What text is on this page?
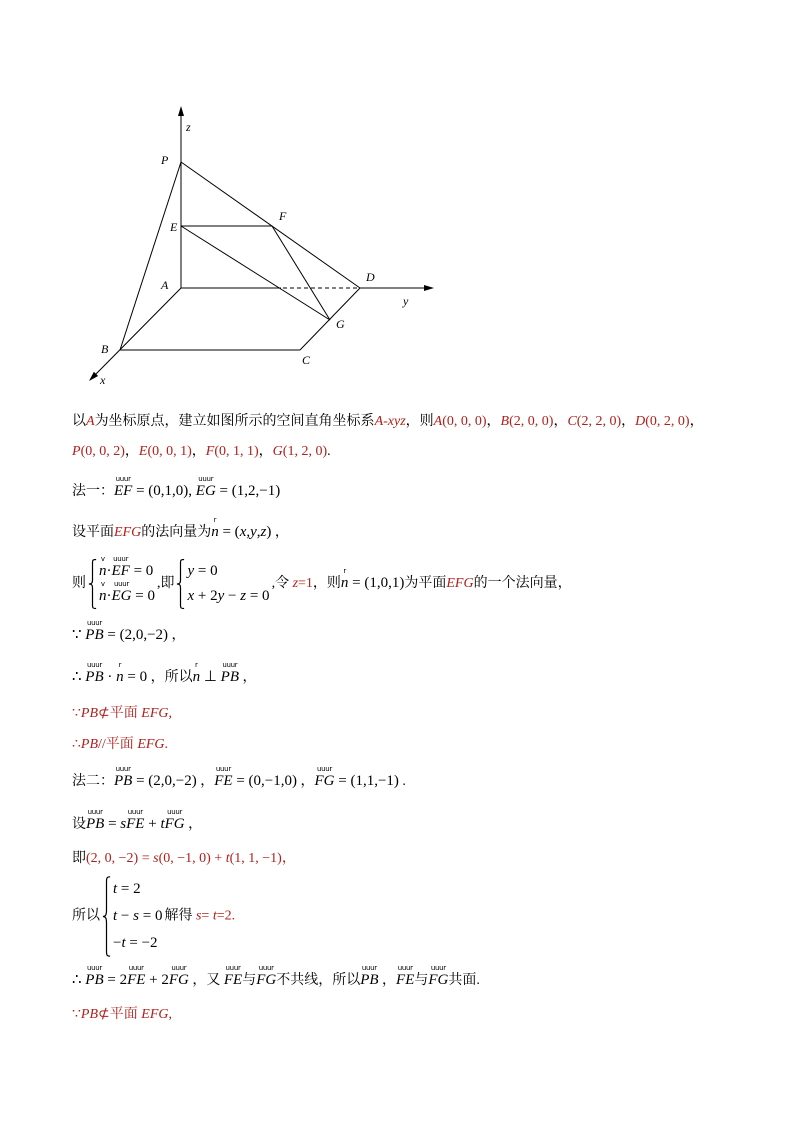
z
P
E
A
F
D
G
B
C
y
x
以A为坐标原点，建立如图所示的空间直角坐标系A-xyz，则A(0, 0, 0)，B(2, 0, 0)，C(2, 2, 0)，D(0, 2, 0)，
P(0, 0, 2)，E(0, 0, 1)，F(0, 1, 1)，G(1, 2, 0).
法一：
uuur
EF = (0,1,0),
uuur
EG = (1,2,−1)
设平面EFG的法向量为
r
n = (x,y,z) ，
则
v
n·
uuur
EF = 0
v
n·
uuur
EG = 0
,即
y = 0
x + 2y − z = 0
,令 z=1，则
r
n = (1,0,1)为平面EFG的一个法向量，
∵
uuur
PB = (2,0,−2) ，
∴
uuur
PB ·
r
n = 0 ，所以
r
n ⊥
uuur
PB ，
∵PB⊄平面 EFG,
∴PB//平面 EFG.
法二：
uuur
PB = (2,0,−2) ，
uuur
FE = (0,−1,0) ，
uuur
FG = (1,1,−1) .
设
uuur
PB = s
uuur
FE + t
uuur
FG ，
即(2, 0, −2) = s(0, −1, 0) + t(1, 1, −1)，
所以
t = 2
t − s = 0
−t = −2
解得 s= t=2.
∴
uuur
PB = 2
uuur
FE + 2
uuur
FG ，又
uuur
FE与
uuur
FG不共线，所以
uuur
PB ，
uuur
FE与
uuur
FG共面.
∵PB⊄平面 EFG,
